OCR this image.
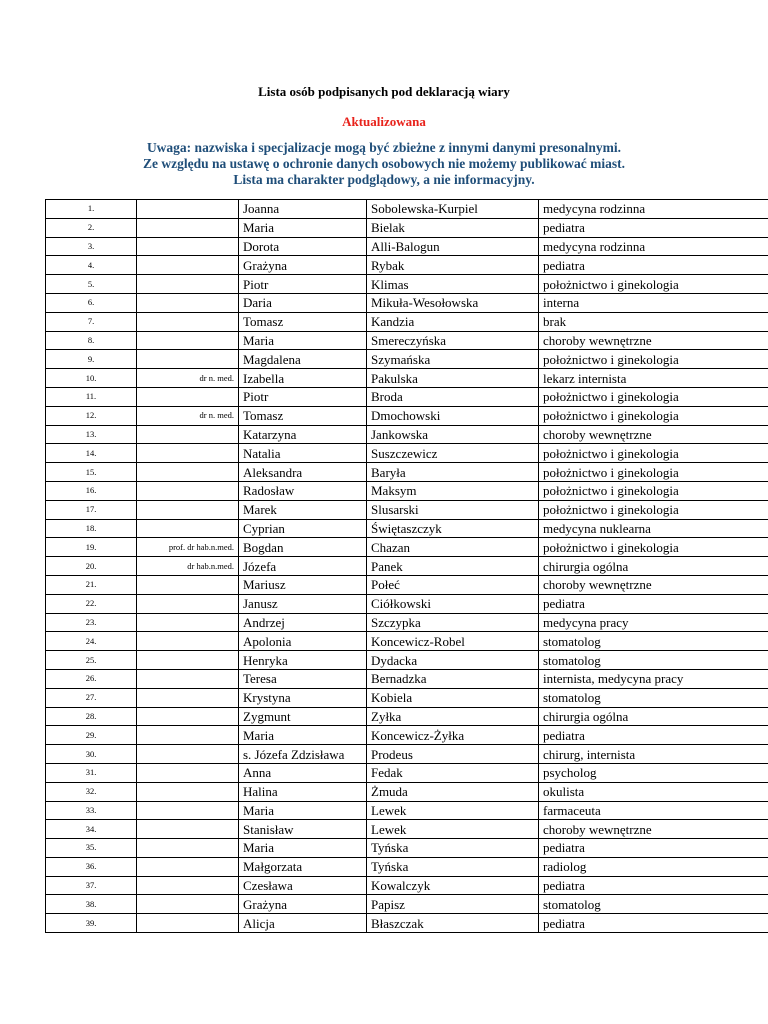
Lista osób podpisanych pod deklaracją wiary
Aktualizowana
Uwaga: nazwiska i specjalizacje mogą być zbieżne z innymi danymi presonalnymi.
Ze względu na ustawę o ochronie danych osobowych nie możemy publikować miast.
Lista ma charakter podglądowy, a nie informacyjny.
1.		Joanna	Sobolewska-Kurpiel	medycyna rodzinna
2.		Maria	Bielak	pediatra
3.		Dorota	Alli-Balogun	medycyna rodzinna
4.		Grażyna	Rybak	pediatra
5.		Piotr	Klimas	położnictwo i ginekologia
6.		Daria	Mikuła-Wesołowska	interna
7.		Tomasz	Kandzia	brak
8.		Maria	Smereczyńska	choroby wewnętrzne
9.		Magdalena	Szymańska	położnictwo i ginekologia
10.	dr n. med.	Izabella	Pakulska	lekarz internista
11.		Piotr	Broda	położnictwo i ginekologia
12.	dr n. med.	Tomasz	Dmochowski	położnictwo i ginekologia
13.		Katarzyna	Jankowska	choroby wewnętrzne
14.		Natalia	Suszczewicz	położnictwo i ginekologia
15.		Aleksandra	Baryła	położnictwo i ginekologia
16.		Radosław	Maksym	położnictwo i ginekologia
17.		Marek	Slusarski	położnictwo i ginekologia
18.		Cyprian	Świętaszczyk	medycyna nuklearna
19.	prof. dr hab.n.med.	Bogdan	Chazan	położnictwo i ginekologia
20.	dr hab.n.med.	Józefa	Panek	chirurgia ogólna
21.		Mariusz	Połeć	choroby wewnętrzne
22.		Janusz	Ciółkowski	pediatra
23.		Andrzej	Szczypka	medycyna pracy
24.		Apolonia	Koncewicz-Robel	stomatolog
25.		Henryka	Dydacka	stomatolog
26.		Teresa	Bernadzka	internista, medycyna pracy
27.		Krystyna	Kobiela	stomatolog
28.		Zygmunt	Zyłka	chirurgia ogólna
29.		Maria	Koncewicz-Żyłka	pediatra
30.		s. Józefa Zdzisława	Prodeus	chirurg, internista
31.		Anna	Fedak	psycholog
32.		Halina	Żmuda	okulista
33.		Maria	Lewek	farmaceuta
34.		Stanisław	Lewek	choroby wewnętrzne
35.		Maria	Tyńska	pediatra
36.		Małgorzata	Tyńska	radiolog
37.		Czesława	Kowalczyk	pediatra
38.		Grażyna	Papisz	stomatolog
39.		Alicja	Błaszczak	pediatra
